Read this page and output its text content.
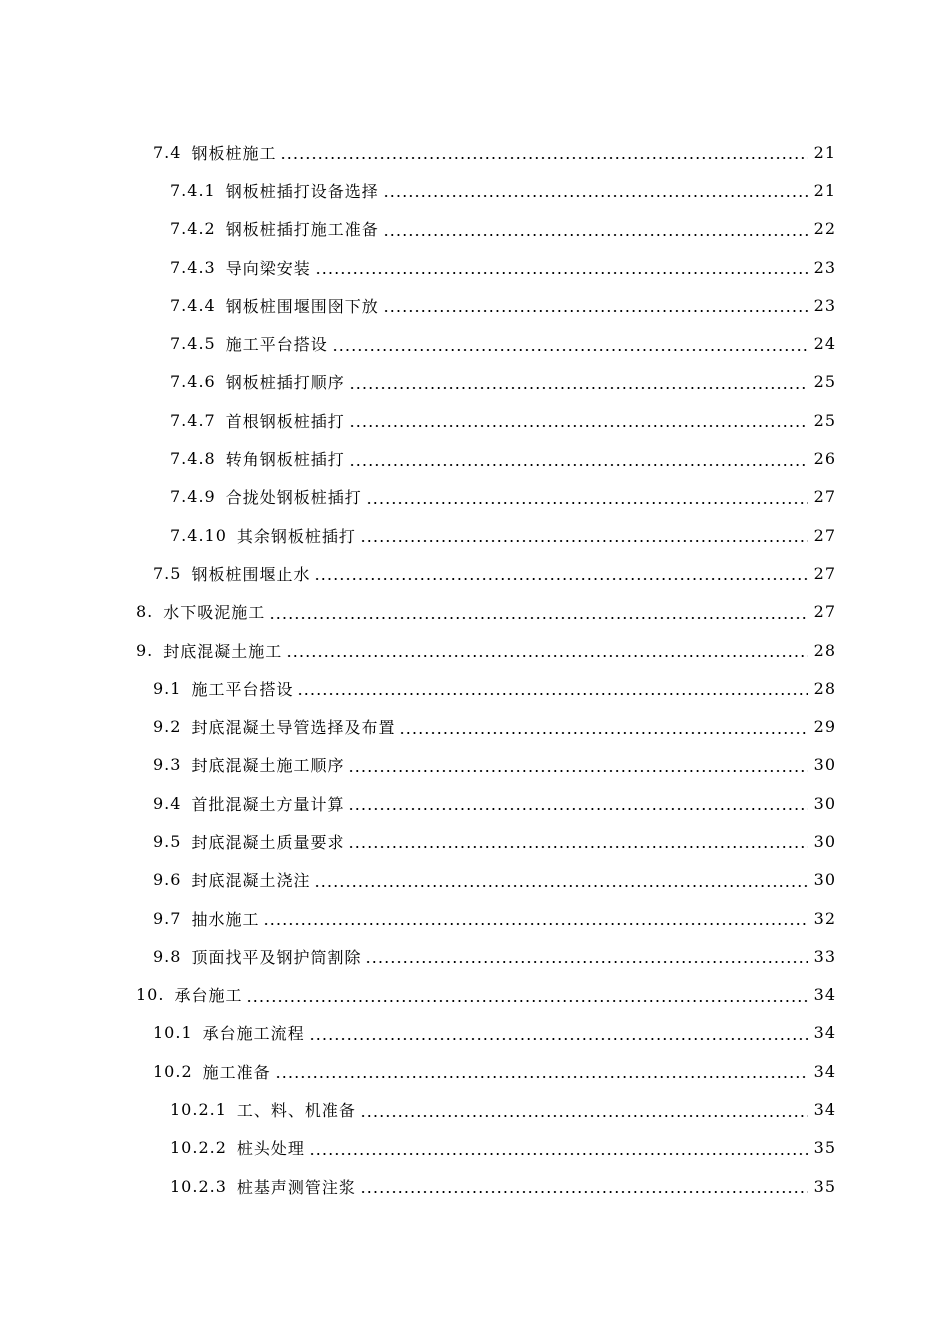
7.4 钢板桩施工	21
7.4.1 钢板桩插打设备选择	21
7.4.2 钢板桩插打施工准备	22
7.4.3 导向梁安装	23
7.4.4 钢板桩围堰围囹下放	23
7.4.5 施工平台搭设	24
7.4.6 钢板桩插打顺序	25
7.4.7 首根钢板桩插打	25
7.4.8 转角钢板桩插打	26
7.4.9 合拢处钢板桩插打	27
7.4.10 其余钢板桩插打	27
7.5 钢板桩围堰止水	27
8. 水下吸泥施工	27
9. 封底混凝土施工	28
9.1 施工平台搭设	28
9.2 封底混凝土导管选择及布置	29
9.3 封底混凝土施工顺序	30
9.4 首批混凝土方量计算	30
9.5 封底混凝土质量要求	30
9.6 封底混凝土浇注	30
9.7 抽水施工	32
9.8 顶面找平及钢护筒割除	33
10. 承台施工	34
10.1 承台施工流程	34
10.2 施工准备	34
10.2.1 工、料、机准备	34
10.2.2 桩头处理	35
10.2.3 桩基声测管注浆	35
